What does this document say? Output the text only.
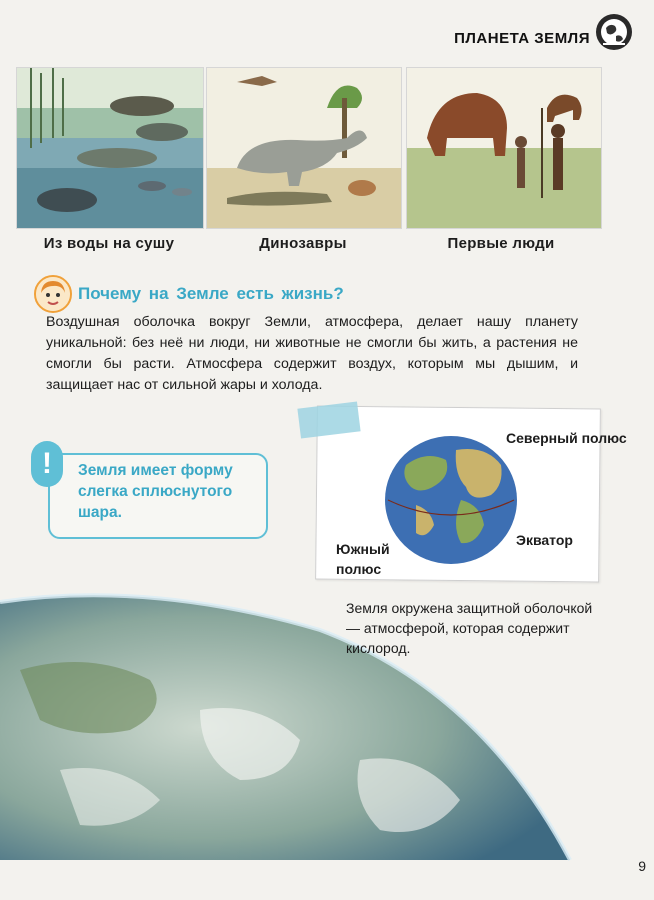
ПЛАНЕТА ЗЕМЛЯ
Из воды на сушу	Динозавры	Первые люди
Почему на Земле есть жизнь?
Воздушная оболочка вокруг Земли, атмосфера, делает нашу планету уникальной: без неё ни люди, ни животные не смогли бы жить, а растения не смогли бы расти. Атмосфера содержит воздух, которым мы дышим, и защищает нас от сильной жары и холода.
!	Земля имеет форму слегка сплюснутого шара.
Северный полюс
Экватор
Южный полюс
Земля окружена защитной оболочкой — атмосферой, которая содержит кислород.
9
